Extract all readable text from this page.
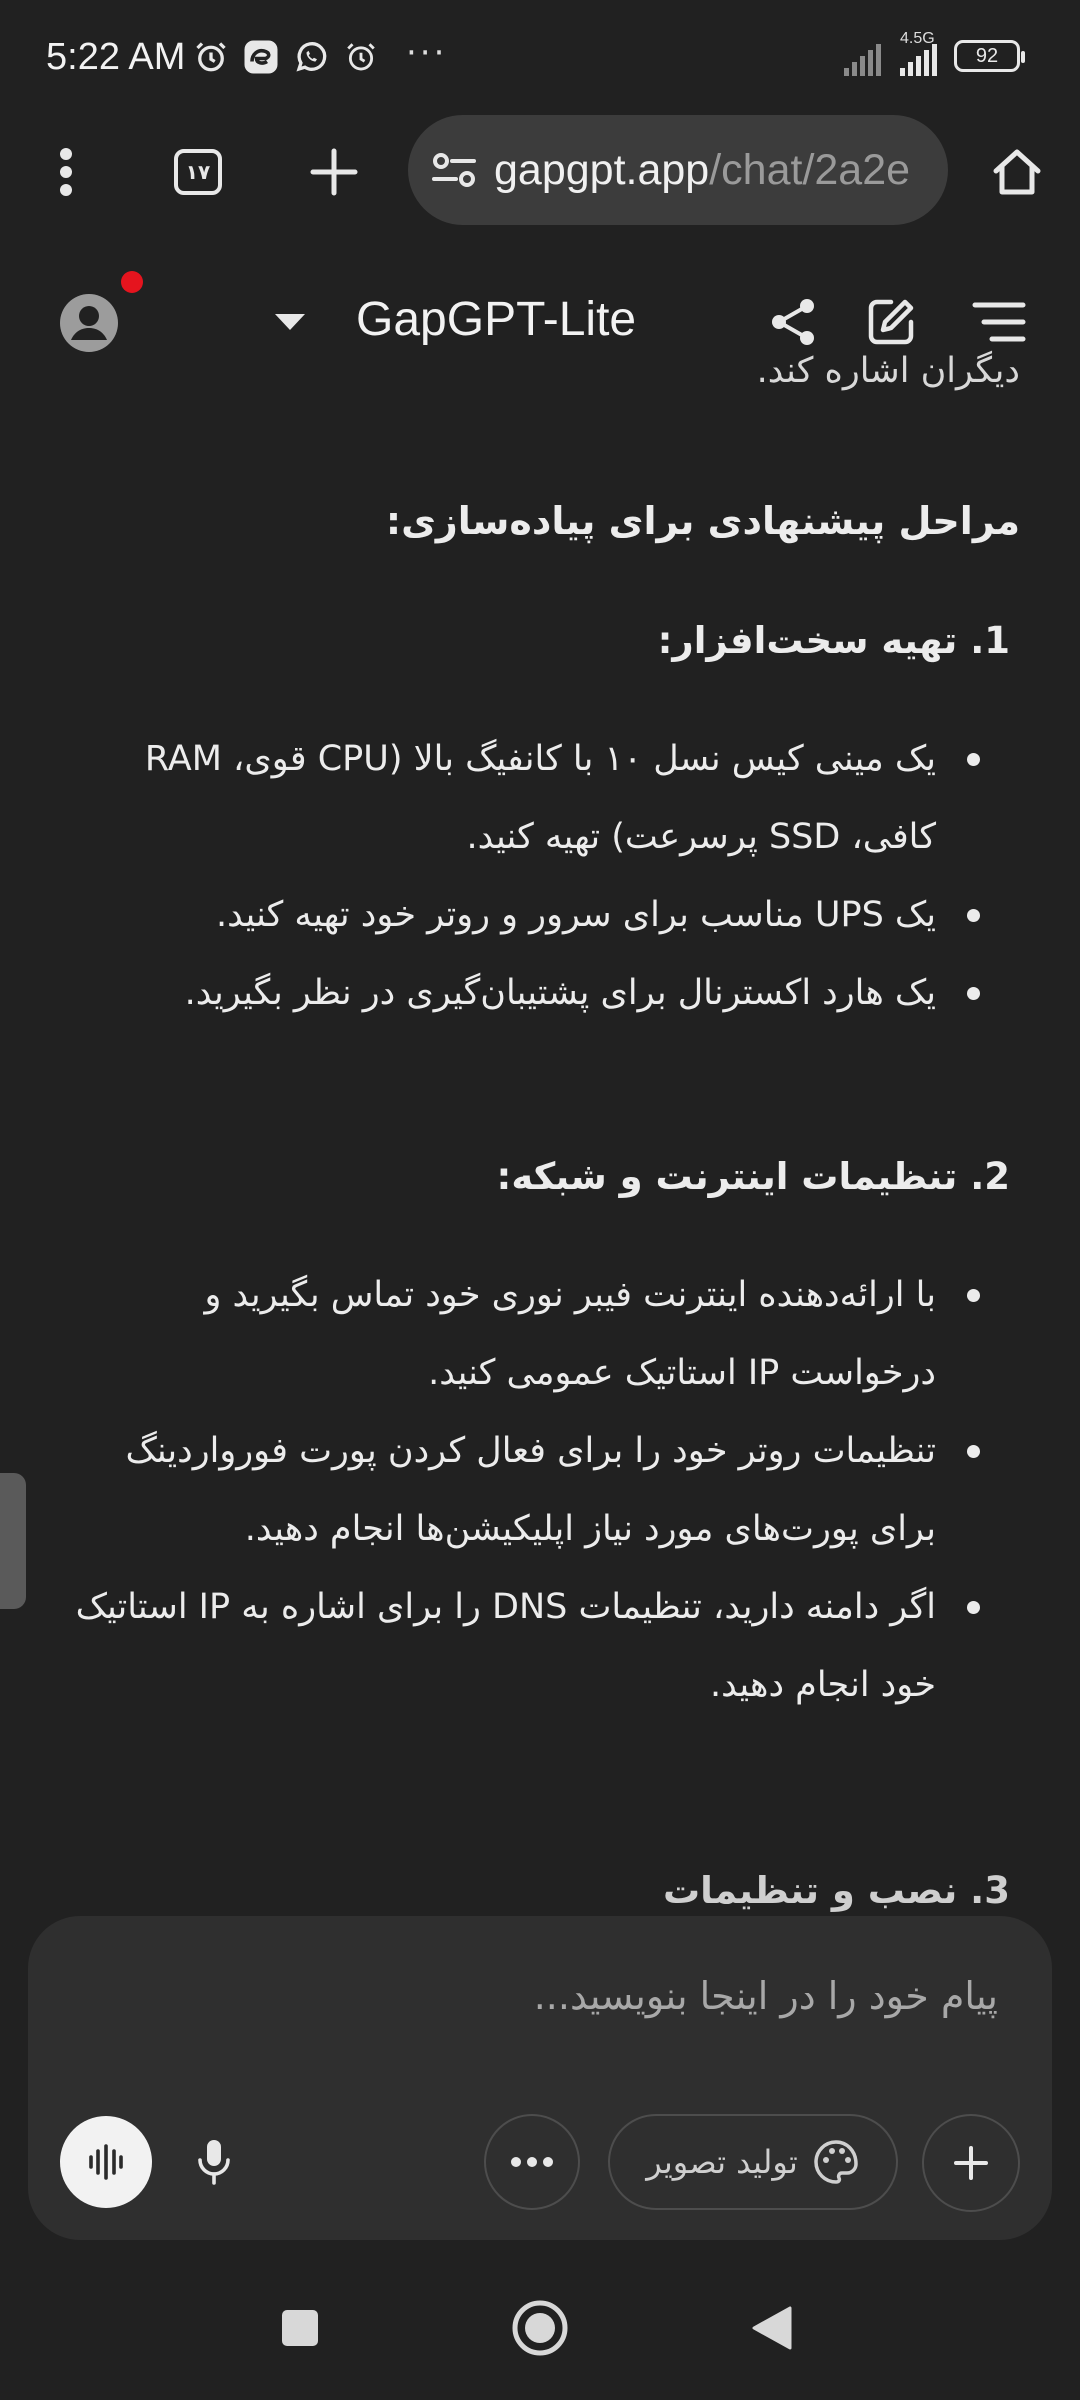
5:22 AM	···	4.5G
92
۱۷	gapgpt.app/chat/2a2e
GapGPT-Lite
دیگران اشاره کند.
مراحل پیشنهادی برای پیاده‌سازی:
1. تهیه سخت‌افزار:
یک مینی کیس نسل ۱۰ با کانفیگ بالا (CPU قوی، RAM کافی، SSD پرسرعت) تهیه کنید.
یک UPS مناسب برای سرور و روتر خود تهیه کنید.
یک هارد اکسترنال برای پشتیبان‌گیری در نظر بگیرید.
2. تنظیمات اینترنت و شبکه:
با ارائه‌دهنده اینترنت فیبر نوری خود تماس بگیرید و درخواست IP استاتیک عمومی کنید.
تنظیمات روتر خود را برای فعال کردن پورت فورواردینگ برای پورت‌های مورد نیاز اپلیکیشن‌ها انجام دهید.
اگر دامنه دارید، تنظیمات DNS را برای اشاره به IP استاتیک خود انجام دهید.
3. نصب و تنظیمات
پیام خود را در اینجا بنویسید...
تولید تصویر
